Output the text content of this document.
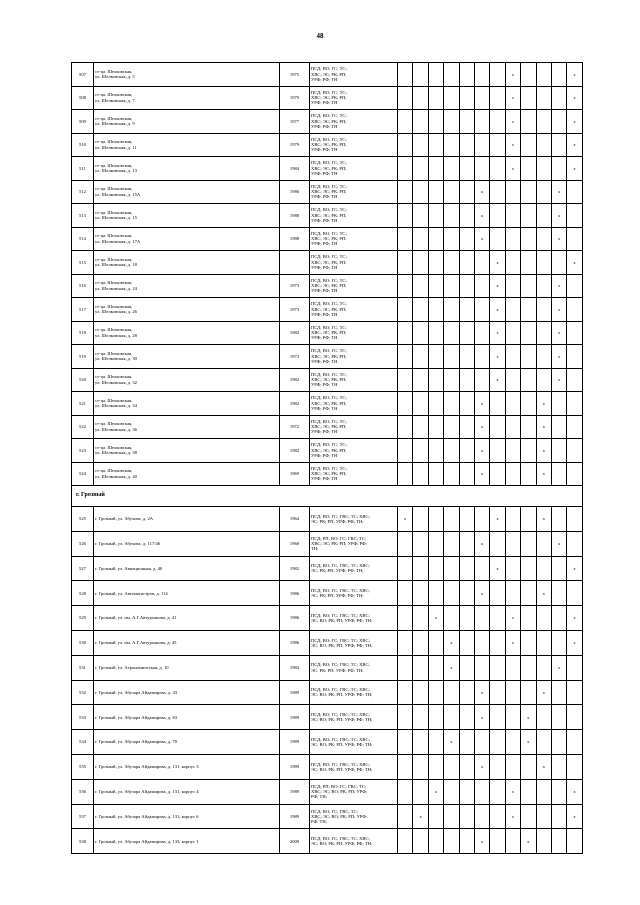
48
507	ст-ца. Шелковская,
ул. Шелковская, д. 5	1975	ПСД; ВО; ГС; ТС;
ХВС; ЭС; РК; РП;
УРФ; РФ; ТН								x				x
508	ст-ца. Шелковская,
ул. Шелковская, д. 7	1979	ПСД; ВО; ГС; ТС;
ХВС; ЭС; РК; РП;
УРФ; РФ; ТН								x				x
509	ст-ца. Шелковская,
ул. Шелковская, д. 9	1977	ПСД; ВО; ГС; ТС;
ХВС; ЭС; РК; РП;
УРФ; РФ; ТН								x				x
510	ст-ца. Шелковская,
ул. Шелковская, д. 11	1979	ПСД; ВО; ГС; ТС;
ХВС; ЭС; РК; РП;
УРФ; РФ; ТН								x				x
511	ст-ца. Шелковская,
ул. Шелковская, д. 13	1984	ПСД; ВО; ГС; ТС;
ХВС; ЭС; РК; РП;
УРФ; РФ; ТН								x				x
512	ст-ца. Шелковская,
ул. Шелковская, д. 15А	1986	ПСД; ВО; ГС; ТС;
ХВС; ЭС; РК; РП;
УРФ; РФ; ТН						x					x	
513	ст-ца. Шелковская,
ул. Шелковская, д. 15	1988	ПСД; ВО; ГС; ТС;
ХВС; ЭС; РК; РП;
УРФ; РФ; ТН						x					x	
514	ст-ца. Шелковская,
ул. Шелковская, д. 17А	1988	ПСД; ВО; ГС; ТС;
ХВС; ЭС; РК; РП;
УРФ; РФ; ТН						x					x	
515	ст-ца. Шелковская,
ул. Шелковская, д. 18		ПСД; ВО; ГС; ТС;
ХВС; ЭС; РК; РП;
УРФ; РФ; ТН							x					x
516	ст-ца. Шелковская,
ул. Шелковская, д. 24	1973	ПСД; ВО; ГС; ТС;
ХВС; ЭС; РК; РП;
УРФ; РФ; ТН							x				x	
517	ст-ца. Шелковская,
ул. Шелковская, д. 26	1973	ПСД; ВО; ГС; ТС;
ХВС; ЭС; РК; РП;
УРФ; РФ; ТН							x				x	
518	ст-ца. Шелковская,
ул. Шелковская, д. 28	1982	ПСД; ВО; ГС; ТС;
ХВС; ЭС; РК; РП;
УРФ; РФ; ТН							x				x	
519	ст-ца. Шелковская,
ул. Шелковская, д. 30	1973	ПСД; ВО; ГС; ТС;
ХВС; ЭС; РК; РП;
УРФ; РФ; ТН							x				x	
520	ст-ца. Шелковская,
ул. Шелковская, д. 32	1982	ПСД; ВО; ГС; ТС;
ХВС; ЭС; РК; РП;
УРФ; РФ; ТН							x				x	
521	ст-ца. Шелковская,
ул. Шелковская, д. 34	1982	ПСД; ВО; ГС; ТС;
ХВС; ЭС; РК; РП;
УРФ; РФ; ТН						x				x		
522	ст-ца. Шелковская,
ул. Шелковская, д. 36	1972	ПСД; ВО; ГС; ТС;
ХВС; ЭС; РК; РП;
УРФ; РФ; ТН						x				x		
523	ст-ца. Шелковская,
ул. Шелковская, д. 38	1982	ПСД; ВО; ГС; ТС;
ХВС; ЭС; РК; РП;
УРФ; РФ; ТН						x				x		
524	ст-ца. Шелковская,
ул. Шелковская, д. 40	1969	ПСД; ВО; ГС; ТС;
ХВС; ЭС; РК; РП;
УРФ; РФ; ТН						x				x		
г. Грозный															
525	г. Грозный, ул. Абухова, д. 2А	1964	ПСД; ВО; ГС; ГВС; ТС; ХВС;
ЭС; РК; РП; УРФ; РФ; ТН;	x						x			x		
526	г. Грозный, ул. Абухова, д. 117/46	1960	ПСД; РП; ВО; ГС; ГВС; ТС;
ХВС; ЭС; РК; РП; УРФ; РФ;
ТН;						x					x	
527	г. Грозный, ул. Авиационная, д. 40	1982	ПСД; ВО; ГС; ГВС; ТС; ХВС;
ЭС; РК; РП; УРФ; РФ; ТН;							x					x
528	г. Грозный, ул. Автомагистров, д. 114	1986	ПСД; ВО; ГС; ГВС; ТС; ХВС;
ЭС; РК; РП; УРФ; РФ; ТН;						x				x		
529	г. Грозный, ул. им. А.Г.Автурханова, д. 41	1986	ПСД; ВО; ГС; ГВС; ТС; ХВС;
ЭС; ВО; РК; РП; УРФ; РФ; ТН;			x					x				x
530	г. Грозный, ул. им. А.Г.Автурханова, д. 45	1986	ПСД; ВО; ГС; ГВС; ТС; ХВС;
ЭС; ВО; РК; РП; УРФ; РФ; ТН;				x				x				x
531	г. Грозный, ул. Агрономическая, д. 10	1984	ПСД; ВО; ГС; ГВС; ТС; ХВС;
ЭС; РК; РП; УРФ; РФ; ТН;				x							x	
532	г. Грозный, ул. Абузара Айдамирова, д. 43	1989	ПСД; ВО; ГС; ГВС; ТС; ХВС;
ЭС; ВО; РК; РП; УРФ; РФ; ТН;						x				x		
533	г. Грозный, ул. Абузара Айдамирова, д. 63	1989	ПСД; ВО; ГС; ГВС; ТС; ХВС;
ЭС; ВО; РК; РП; УРФ; РФ; ТН;						x			x			
534	г. Грозный, ул. Абузара Айдамирова, д. 70	1989	ПСД; ВО; ГС; ГВС; ТС; ХВС;
ЭС; ВО; РК; РП; УРФ; РФ; ТН;				x					x			
535	г. Грозный, ул. Абузара Айдамирова, д. 131, корпус 3	1989	ПСД; ВО; ГС; ГВС; ТС; ХВС;
ЭС; ВО; РК; РП; УРФ; РФ; ТН;						x				x		
536	г. Грозный, ул. Абузара Айдамирова, д. 131, корпус 4	1989	ПСД; РП; ВО; ГС; ГВС; ТС;
ХВС; ЭС; ВО; РК; РП; УРФ;
РФ; ТН;			x					x				x
537	г. Грозный, ул. Абузара Айдамирова, д. 131, корпус 6	1989	ПСД; ВО; ГС; ГВС; ТС;
ХВС; ЭС; ВО; РК; РП; УРФ;
РФ; ТН;		x						x				x
538	г. Грозный, ул. Абузара Айдамирова, д. 133, корпус 1	2009	ПСД; ВО; ГС; ГВС; ТС; ХВС;
ЭС; ВО; РК; РП; УРФ; РФ; ТН;						x			x			
